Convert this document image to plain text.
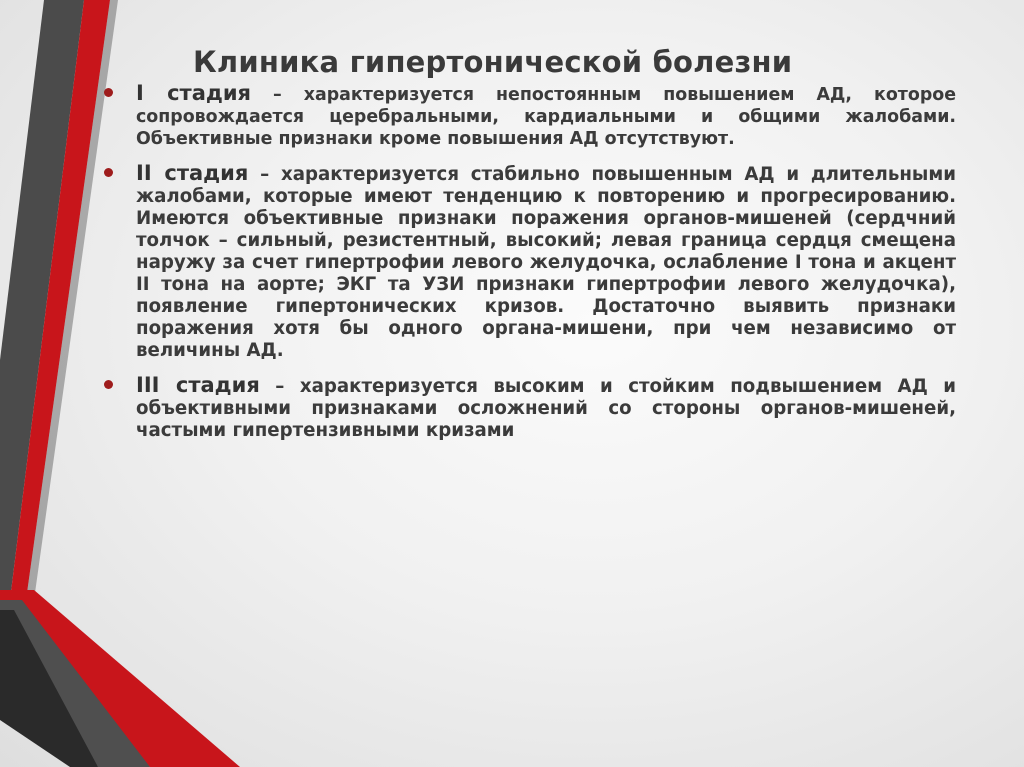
Клиника гипертонической болезни
I стадия – характеризуется непостоянным повышением АД, которое сопровождается церебральными, кардиальными и общими жалобами. Объективные признаки кроме повышения АД отсутствуют.
II стадия – характеризуется стабильно повышенным АД и длительными жалобами, которые имеют тенденцию к повторению и прогресированию. Имеются объективные признаки поражения органов-мишеней (сердчний толчок – сильный, резистентный, высокий; левая граница сердця смещена наружу за счет гипертрофии левого желудочка, ослабление I тона и акцент II тона на аорте; ЭКГ та УЗИ признаки гипертрофии левого желудочка), появление гипертонических кризов. Достаточно выявить признаки поражения хотя бы одного органа-мишени, при чем независимо от величины АД.
III стадия – характеризуется высоким и стойким подвышением АД и объективными признаками осложнений со стороны органов-мишеней, частыми гипертензивными кризами
